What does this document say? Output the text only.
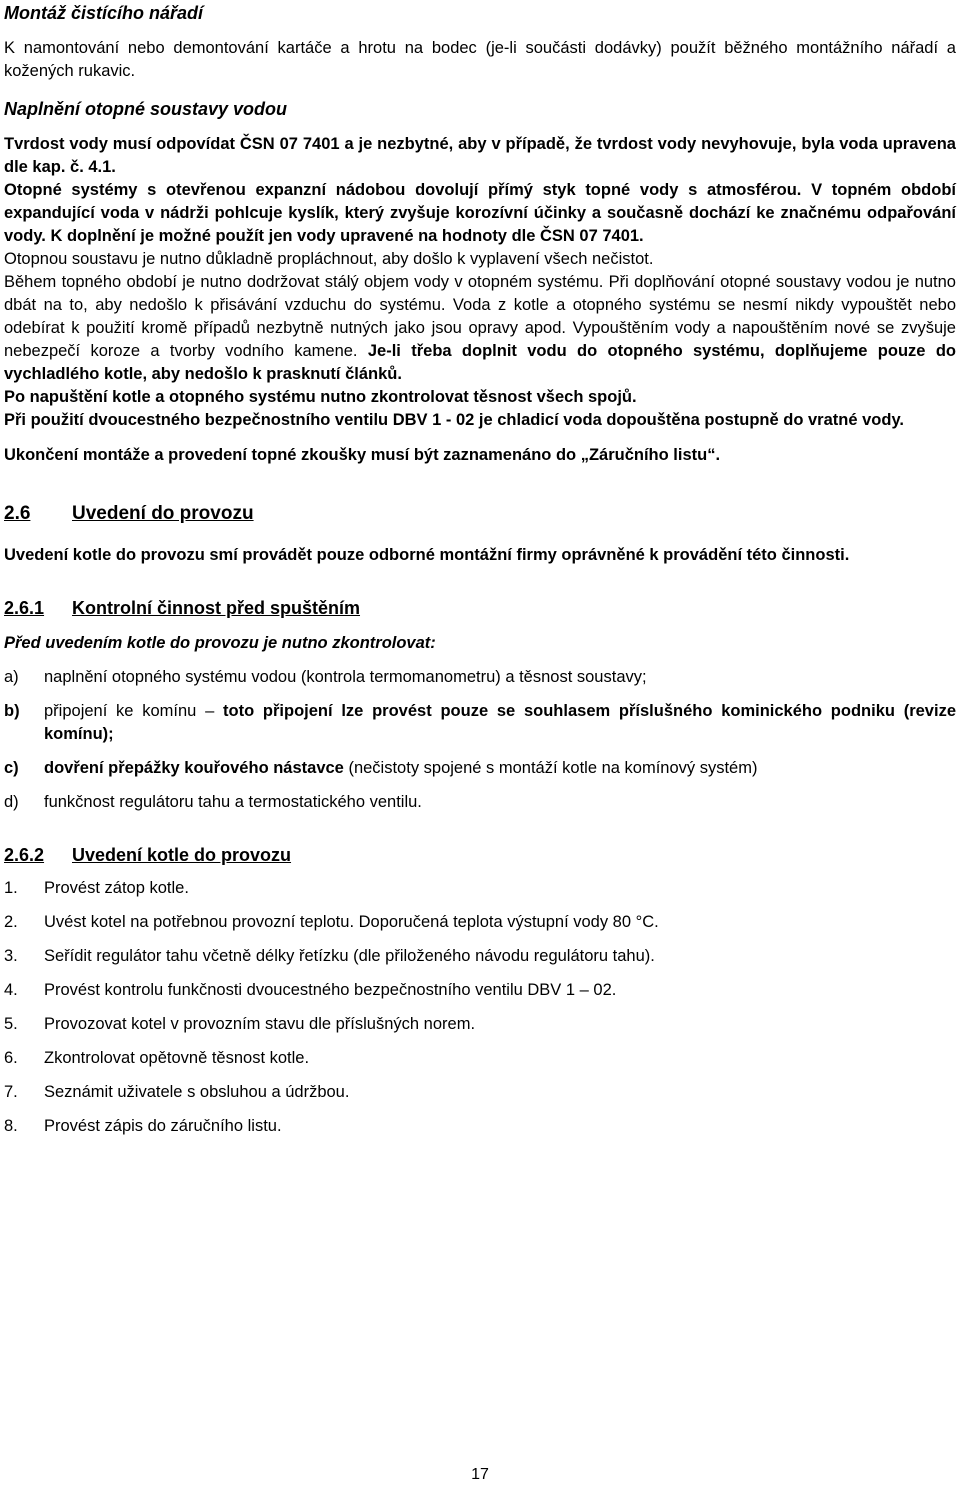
Montáž čistícího nářadí

K namontování nebo demontování kartáče a hrotu na bodec (je-li součásti dodávky) použít běžného montážního nářadí a kožených rukavic.

Naplnění otopné soustavy vodou

Tvrdost vody musí odpovídat ČSN 07 7401 a je nezbytné, aby v případě, že tvrdost vody nevyhovuje, byla voda upravena dle kap. č. 4.1.

Otopné systémy s otevřenou expanzní nádobou dovolují přímý styk topné vody s atmosférou. V topném období expandující voda v nádrži pohlcuje kyslík, který zvyšuje korozívní účinky a současně dochází ke značnému odpařování vody. K doplnění je možné použít jen vody upravené na hodnoty dle ČSN 07 7401.

Otopnou soustavu je nutno důkladně propláchnout, aby došlo k vyplavení všech nečistot.

Během topného období je nutno dodržovat stálý objem vody v otopném systému. Při doplňování otopné soustavy vodou je nutno dbát na to, aby nedošlo k přisávání vzduchu do systému. Voda z kotle a otopného systému se nesmí nikdy vypouštět nebo odebírat k použití kromě případů nezbytně nutných jako jsou opravy apod. Vypouštěním vody a napouštěním nové se zvyšuje nebezpečí koroze a tvorby vodního kamene. Je-li třeba doplnit vodu do otopného systému, doplňujeme pouze do vychladlého kotle, aby nedošlo k prasknutí článků.

Po napuštění kotle a otopného systému nutno zkontrolovat těsnost všech spojů.

Při použití dvoucestného bezpečnostního ventilu DBV 1 - 02 je chladicí voda dopouštěna postupně do vratné vody.

Ukončení montáže a provedení topné zkoušky musí být zaznamenáno do „Záručního listu“.

2.6 Uvedení do provozu

Uvedení kotle do provozu smí provádět pouze odborné montážní firmy oprávněné k provádění této činnosti.

2.6.1 Kontrolní činnost před spuštěním

Před uvedením kotle do provozu je nutno zkontrolovat:

a) naplnění otopného systému vodou (kontrola termomanometru) a těsnost soustavy;
b) připojení ke komínu – toto připojení lze provést pouze se souhlasem příslušného kominického podniku (revize komínu);
c) dovření přepážky kouřového nástavce (nečistoty spojené s montáží kotle na komínový systém)
d) funkčnost regulátoru tahu a termostatického ventilu.

2.6.2 Uvedení kotle do provozu

1. Provést zátop kotle.
2. Uvést kotel na potřebnou provozní teplotu. Doporučená teplota výstupní vody 80 °C.
3. Seřídit regulátor tahu včetně délky řetízku (dle přiloženého návodu regulátoru tahu).
4. Provést kontrolu funkčnosti dvoucestného bezpečnostního ventilu DBV 1 – 02.
5. Provozovat kotel v provozním stavu dle příslušných norem.
6. Zkontrolovat opětovně těsnost kotle.
7. Seznámit uživatele s obsluhou a údržbou.
8. Provést zápis do záručního listu.
17
